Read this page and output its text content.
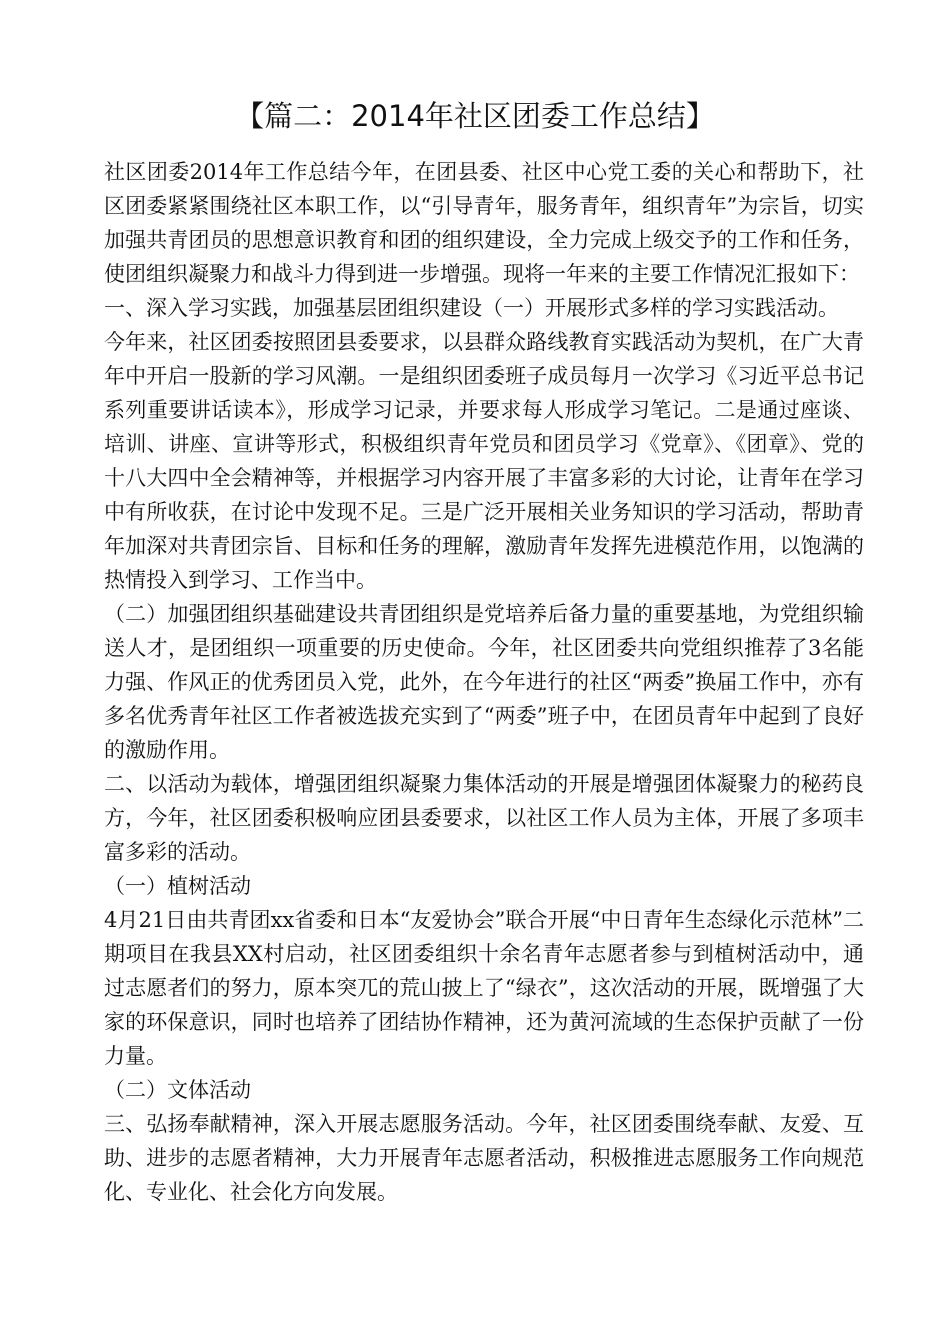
【篇二：2014年社区团委工作总结】

社区团委2014年工作总结今年，在团县委、社区中心党工委的关心和帮助下，社区团委紧紧围绕社区本职工作，以“引导青年，服务青年，组织青年”为宗旨，切实加强共青团员的思想意识教育和团的组织建设，全力完成上级交予的工作和任务，使团组织凝聚力和战斗力得到进一步增强。现将一年来的主要工作情况汇报如下：

一、深入学习实践，加强基层团组织建设（一）开展形式多样的学习实践活动。

今年来，社区团委按照团县委要求，以县群众路线教育实践活动为契机，在广大青年中开启一股新的学习风潮。一是组织团委班子成员每月一次学习《习近平总书记系列重要讲话读本》，形成学习记录，并要求每人形成学习笔记。二是通过座谈、培训、讲座、宣讲等形式，积极组织青年党员和团员学习《党章》、《团章》、党的十八大四中全会精神等，并根据学习内容开展了丰富多彩的大讨论，让青年在学习中有所收获，在讨论中发现不足。三是广泛开展相关业务知识的学习活动，帮助青年加深对共青团宗旨、目标和任务的理解，激励青年发挥先进模范作用，以饱满的热情投入到学习、工作当中。

（二）加强团组织基础建设共青团组织是党培养后备力量的重要基地，为党组织输送人才，是团组织一项重要的历史使命。今年，社区团委共向党组织推荐了3名能力强、作风正的优秀团员入党，此外，在今年进行的社区“两委”换届工作中，亦有多名优秀青年社区工作者被选拔充实到了“两委”班子中，在团员青年中起到了良好的激励作用。

二、以活动为载体，增强团组织凝聚力集体活动的开展是增强团体凝聚力的秘药良方，今年，社区团委积极响应团县委要求，以社区工作人员为主体，开展了多项丰富多彩的活动。

（一）植树活动

4月21日由共青团xx省委和日本“友爱协会”联合开展“中日青年生态绿化示范林”二期项目在我县XX村启动，社区团委组织十余名青年志愿者参与到植树活动中，通过志愿者们的努力，原本突兀的荒山披上了“绿衣”，这次活动的开展，既增强了大家的环保意识，同时也培养了团结协作精神，还为黄河流域的生态保护贡献了一份力量。

（二）文体活动

三、弘扬奉献精神，深入开展志愿服务活动。今年，社区团委围绕奉献、友爱、互助、进步的志愿者精神，大力开展青年志愿者活动，积极推进志愿服务工作向规范化、专业化、社会化方向发展。
